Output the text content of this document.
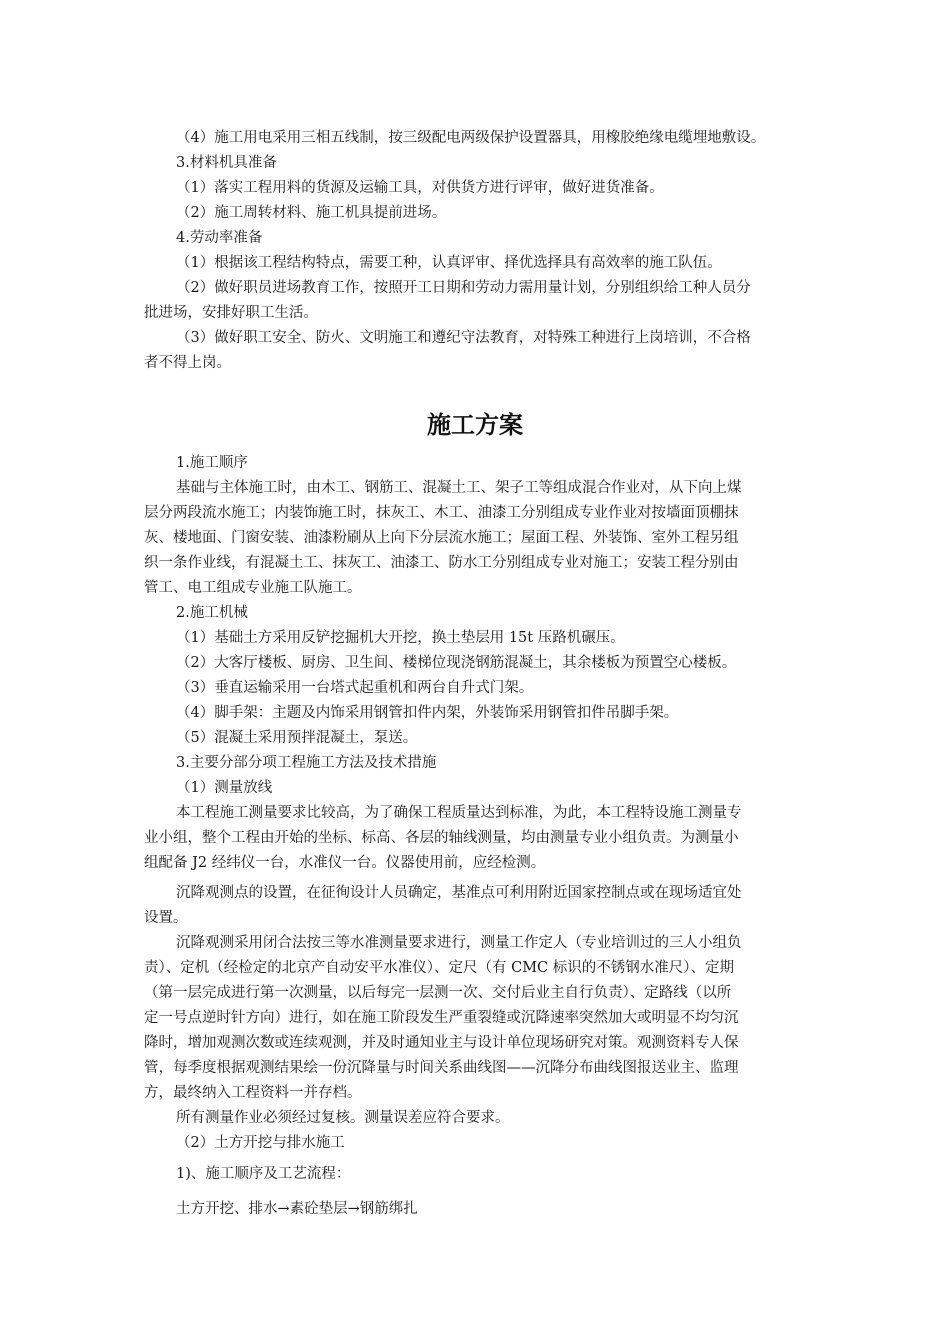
（4）施工用电采用三相五线制，按三级配电两级保护设置器具，用橡胶绝缘电缆埋地敷设。
3.材料机具准备
（1）落实工程用料的货源及运输工具，对供货方进行评审，做好进货准备。
（2）施工周转材料、施工机具提前进场。
4.劳动率准备
（1）根据该工程结构特点，需要工种，认真评审、择优选择具有高效率的施工队伍。
（2）做好职员进场教育工作，按照开工日期和劳动力需用量计划，分别组织给工种人员分
批进场，安排好职工生活。
（3）做好职工安全、防火、文明施工和遵纪守法教育，对特殊工种进行上岗培训，不合格
者不得上岗。
施工方案
1.施工顺序
基础与主体施工时，由木工、钢筋工、混凝土工、架子工等组成混合作业对，从下向上煤
层分两段流水施工；内装饰施工时，抹灰工、木工、油漆工分别组成专业作业对按墙面顶棚抹
灰、楼地面、门窗安装、油漆粉刷从上向下分层流水施工；屋面工程、外装饰、室外工程另组
织一条作业线，有混凝土工、抹灰工、油漆工、防水工分别组成专业对施工；安装工程分别由
管工、电工组成专业施工队施工。
2.施工机械
（1）基础土方采用反铲挖掘机大开挖，换土垫层用 15t 压路机碾压。
（2）大客厅楼板、厨房、卫生间、楼梯位现浇钢筋混凝土，其余楼板为预置空心楼板。
（3）垂直运输采用一台塔式起重机和两台自升式门架。
（4）脚手架：主题及内饰采用钢管扣件内架，外装饰采用钢管扣件吊脚手架。
（5）混凝土采用预拌混凝土，泵送。
3.主要分部分项工程施工方法及技术措施
（1）测量放线
本工程施工测量要求比较高，为了确保工程质量达到标准，为此，本工程特设施工测量专
业小组，整个工程由开始的坐标、标高、各层的轴线测量，均由测量专业小组负责。为测量小
组配备 J2 经纬仪一台，水准仪一台。仪器使用前，应经检测。
沉降观测点的设置，在征徇设计人员确定，基准点可利用附近国家控制点或在现场适宜处
设置。
沉降观测采用闭合法按三等水准测量要求进行，测量工作定人（专业培训过的三人小组负
责）、定机（经检定的北京产自动安平水准仪）、定尺（有 CMC 标识的不锈钢水准尺）、定期
（第一层完成进行第一次测量，以后每完一层测一次、交付后业主自行负责）、定路线（以所
定一号点逆时针方向）进行，如在施工阶段发生严重裂缝或沉降速率突然加大或明显不均匀沉
降时，增加观测次数或连续观测，并及时通知业主与设计单位现场研究对策。观测资料专人保
管，每季度根据观测结果绘一份沉降量与时间关系曲线图——沉降分布曲线图报送业主、监理
方，最终纳入工程资料一并存档。
所有测量作业必须经过复核。测量误差应符合要求。
（2）土方开挖与排水施工
1)、施工顺序及工艺流程：
土方开挖、排水→素砼垫层→钢筋绑扎
